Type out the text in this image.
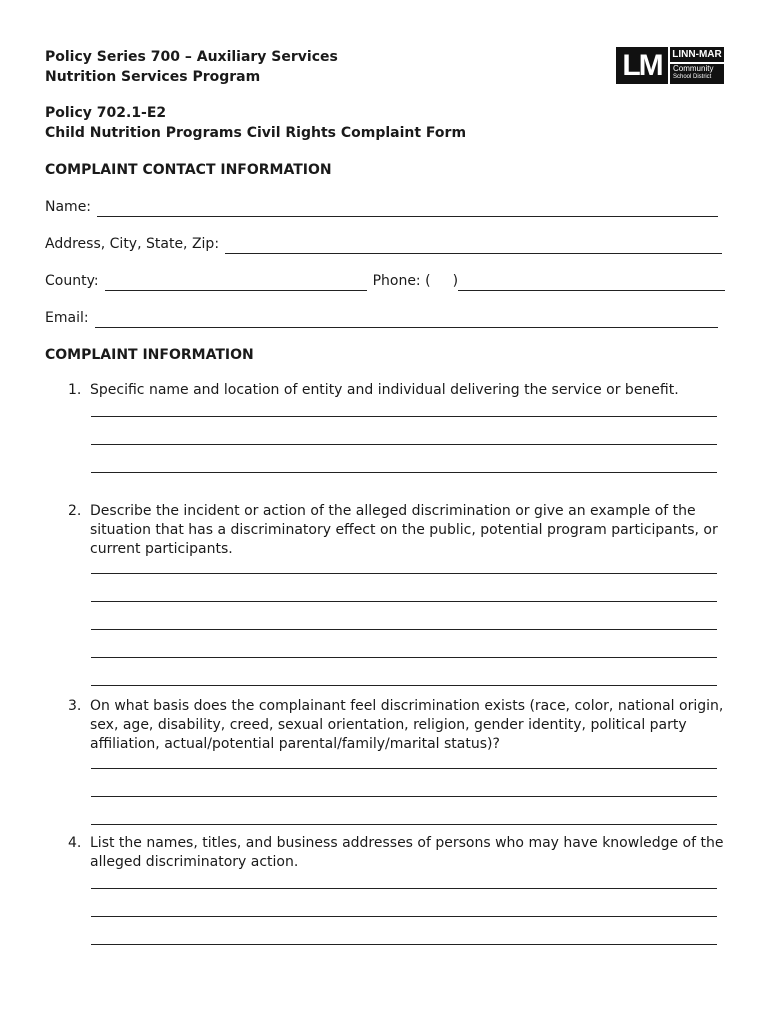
Policy Series 700 – Auxiliary Services
Nutrition Services Program
Policy 702.1-E2
Child Nutrition Programs Civil Rights Complaint Form
LM	LINN-MAR
Community
School District
COMPLAINT CONTACT INFORMATION
Name:
Address, City, State, Zip:
County:	Phone: (	)
Email:
COMPLAINT INFORMATION
1. Specific name and location of entity and individual delivering the service or benefit.
2. Describe the incident or action of the alleged discrimination or give an example of the situation that has a discriminatory effect on the public, potential program participants, or current participants.
3. On what basis does the complainant feel discrimination exists (race, color, national origin, sex, age, disability, creed, sexual orientation, religion, gender identity, political party affiliation, actual/potential parental/family/marital status)?
4. List the names, titles, and business addresses of persons who may have knowledge of the alleged discriminatory action.
